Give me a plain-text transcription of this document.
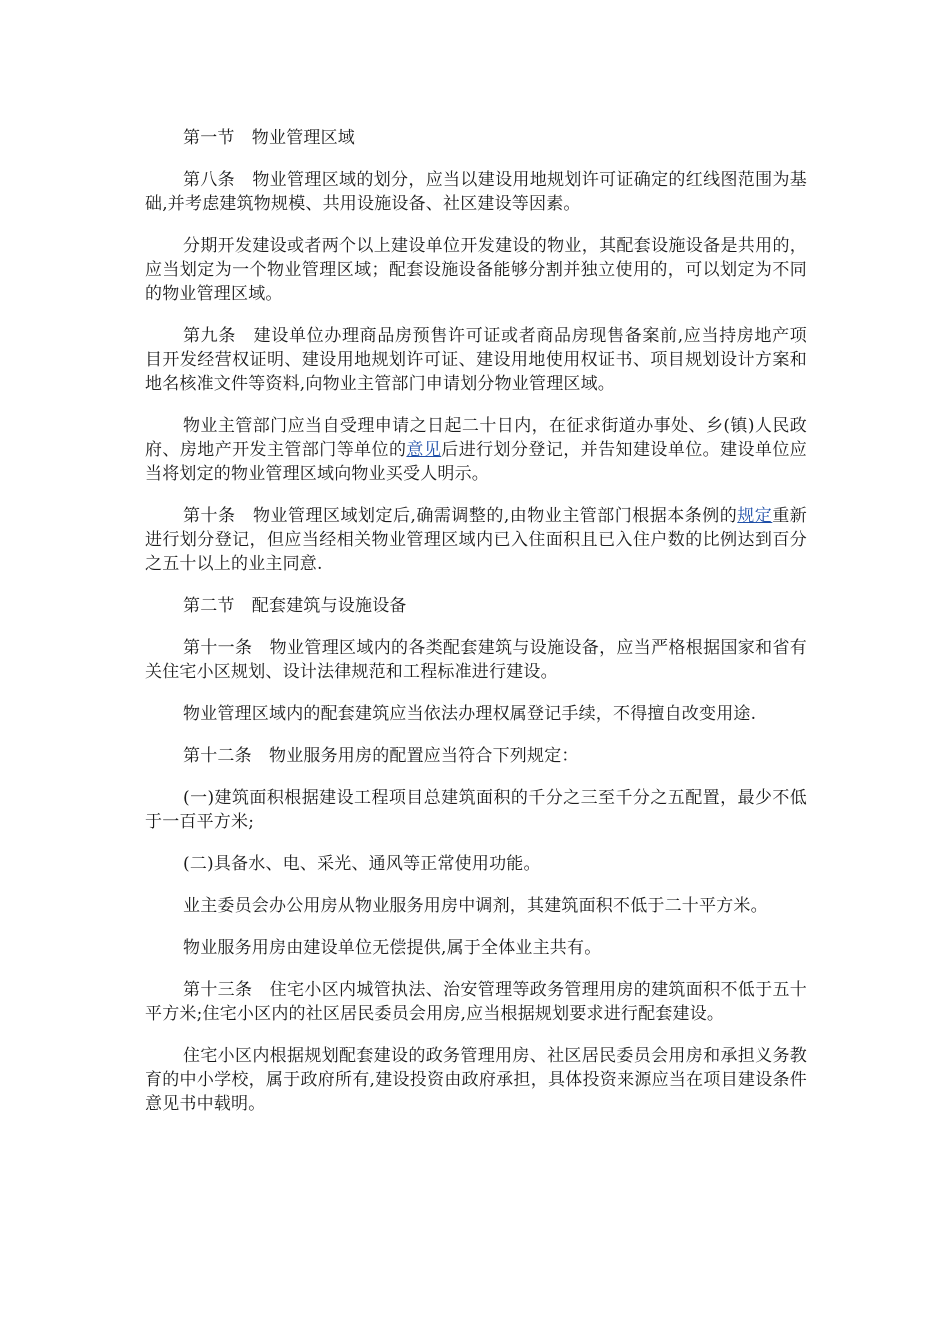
第一节　物业管理区域

第八条　物业管理区域的划分，应当以建设用地规划许可证确定的红线图范围为基础,并考虑建筑物规模、共用设施设备、社区建设等因素。

分期开发建设或者两个以上建设单位开发建设的物业，其配套设施设备是共用的，应当划定为一个物业管理区域；配套设施设备能够分割并独立使用的，可以划定为不同的物业管理区域。

第九条　建设单位办理商品房预售许可证或者商品房现售备案前,应当持房地产项目开发经营权证明、建设用地规划许可证、建设用地使用权证书、项目规划设计方案和地名核准文件等资料,向物业主管部门申请划分物业管理区域。

物业主管部门应当自受理申请之日起二十日内，在征求街道办事处、乡(镇)人民政府、房地产开发主管部门等单位的意见后进行划分登记，并告知建设单位。建设单位应当将划定的物业管理区域向物业买受人明示。

第十条　物业管理区域划定后,确需调整的,由物业主管部门根据本条例的规定重新进行划分登记，但应当经相关物业管理区域内已入住面积且已入住户数的比例达到百分之五十以上的业主同意.

第二节　配套建筑与设施设备

第十一条　物业管理区域内的各类配套建筑与设施设备，应当严格根据国家和省有关住宅小区规划、设计法律规范和工程标准进行建设。

物业管理区域内的配套建筑应当依法办理权属登记手续，不得擅自改变用途.

第十二条　物业服务用房的配置应当符合下列规定：

(一)建筑面积根据建设工程项目总建筑面积的千分之三至千分之五配置，最少不低于一百平方米;

(二)具备水、电、采光、通风等正常使用功能。

业主委员会办公用房从物业服务用房中调剂，其建筑面积不低于二十平方米。

物业服务用房由建设单位无偿提供,属于全体业主共有。

第十三条　住宅小区内城管执法、治安管理等政务管理用房的建筑面积不低于五十平方米;住宅小区内的社区居民委员会用房,应当根据规划要求进行配套建设。

住宅小区内根据规划配套建设的政务管理用房、社区居民委员会用房和承担义务教育的中小学校，属于政府所有,建设投资由政府承担，具体投资来源应当在项目建设条件意见书中载明。
